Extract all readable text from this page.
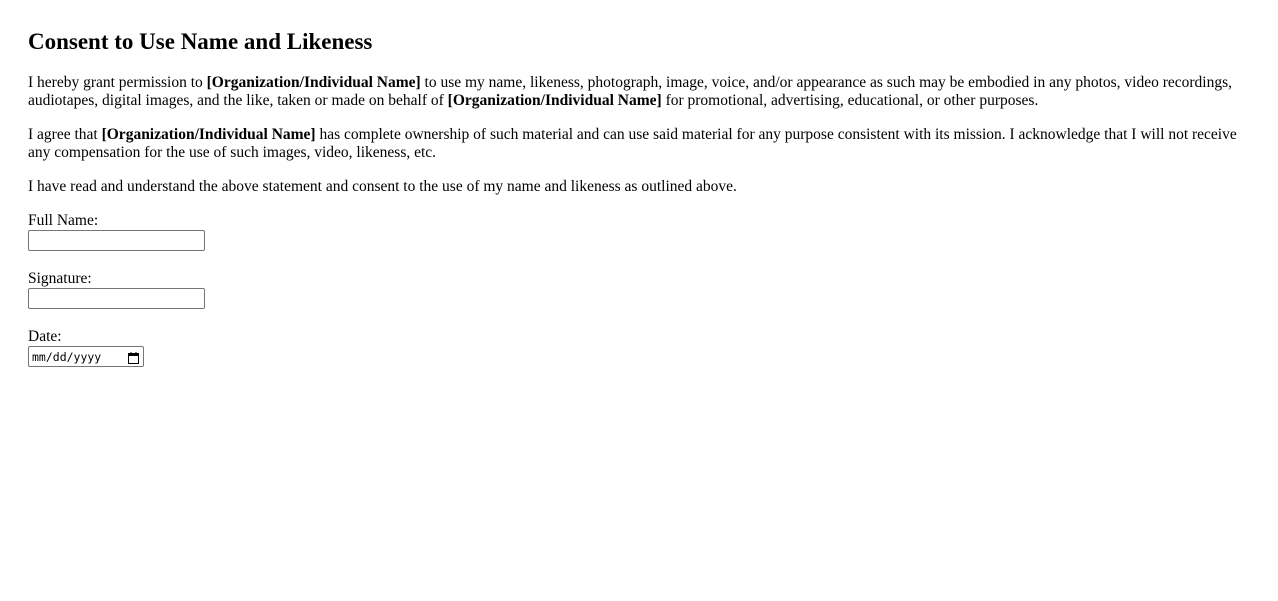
Consent to Use Name and Likeness

I hereby grant permission to [Organization/Individual Name] to use my name, likeness, photograph, image, voice, and/or appearance as such may be embodied in any photos, video recordings, audiotapes, digital images, and the like, taken or made on behalf of [Organization/Individual Name] for promotional, advertising, educational, or other purposes.

I agree that [Organization/Individual Name] has complete ownership of such material and can use said material for any purpose consistent with its mission. I acknowledge that I will not receive any compensation for the use of such images, video, likeness, etc.

I have read and understand the above statement and consent to the use of my name and likeness as outlined above.

Full Name:
Signature:
Date:
mm/dd/yyyy
